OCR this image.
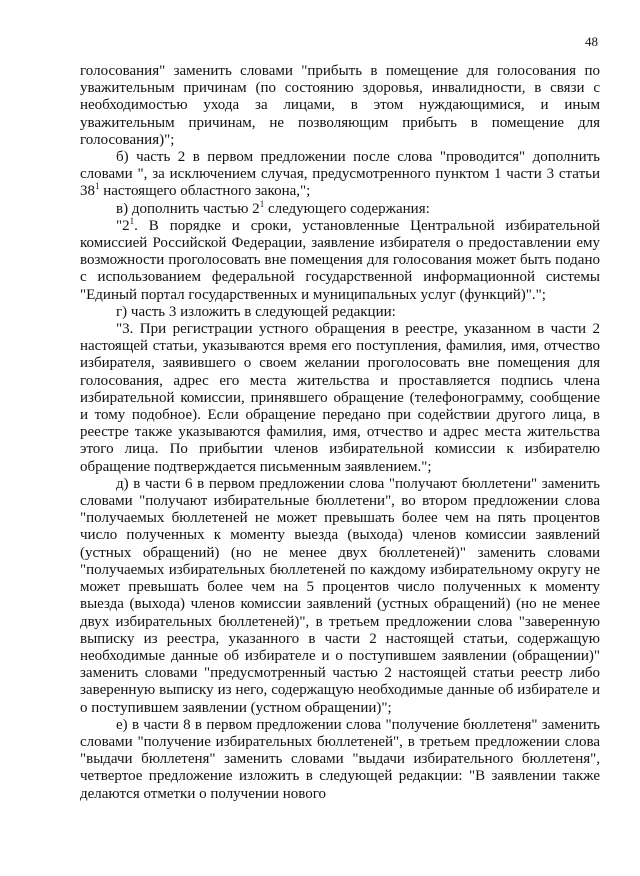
48

голосования" заменить словами "прибыть в помещение для голосования по уважительным причинам (по состоянию здоровья, инвалидности, в связи с необходимостью ухода за лицами, в этом нуждающимися, и иным уважительным причинам, не позволяющим прибыть в помещение для голосования)";

б) часть 2 в первом предложении после слова "проводится" дополнить словами ", за исключением случая, предусмотренного пунктом 1 части 3 статьи $38^1$ настоящего областного закона,";

в) дополнить частью $2^1$ следующего содержания:

"$2^1$. В порядке и сроки, установленные Центральной избирательной комиссией Российской Федерации, заявление избирателя о предоставлении ему возможности проголосовать вне помещения для голосования может быть подано с использованием федеральной государственной информационной системы "Единый портал государственных и муниципальных услуг (функций)".";

г) часть 3 изложить в следующей редакции:

"3. При регистрации устного обращения в реестре, указанном в части 2 настоящей статьи, указываются время его поступления, фамилия, имя, отчество избирателя, заявившего о своем желании проголосовать вне помещения для голосования, адрес его места жительства и проставляется подпись члена избирательной комиссии, принявшего обращение (телефонограмму, сообщение и тому подобное). Если обращение передано при содействии другого лица, в реестре также указываются фамилия, имя, отчество и адрес места жительства этого лица. По прибытии членов избирательной комиссии к избирателю обращение подтверждается письменным заявлением.";

д) в части 6 в первом предложении слова "получают бюллетени" заменить словами "получают избирательные бюллетени", во втором предложении слова "получаемых бюллетеней не может превышать более чем на пять процентов число полученных к моменту выезда (выхода) членов комиссии заявлений (устных обращений) (но не менее двух бюллетеней)" заменить словами "получаемых избирательных бюллетеней по каждому избирательному округу не может превышать более чем на 5 процентов число полученных к моменту выезда (выхода) членов комиссии заявлений (устных обращений) (но не менее двух избирательных бюллетеней)", в третьем предложении слова "заверенную выписку из реестра, указанного в части 2 настоящей статьи, содержащую необходимые данные об избирателе и о поступившем заявлении (обращении)" заменить словами "предусмотренный частью 2 настоящей статьи реестр либо заверенную выписку из него, содержащую необходимые данные об избирателе и о поступившем заявлении (устном обращении)";

е) в части 8 в первом предложении слова "получение бюллетеня" заменить словами "получение избирательных бюллетеней", в третьем предложении слова "выдачи бюллетеня" заменить словами "выдачи избирательного бюллетеня", четвертое предложение изложить в следующей редакции: "В заявлении также делаются отметки о получении нового
